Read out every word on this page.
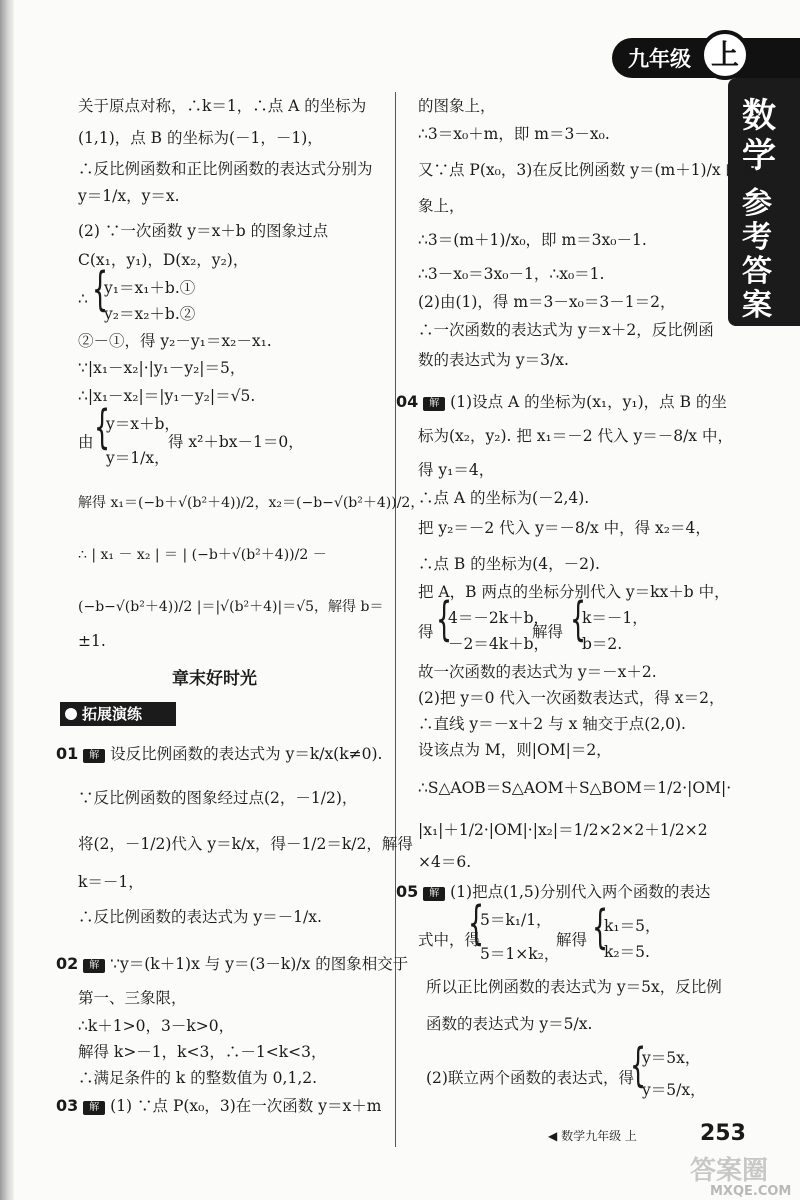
九年级 上
数
学
参
考
答
案
关于原点对称，∴k＝1，∴点 A 的坐标为
(1,1)，点 B 的坐标为(－1，－1)，
∴反比例函数和正比例函数的表达式分别为
y＝1/x，y＝x.
(2) ∵一次函数 y＝x＋b 的图象过点
C(x₁，y₁)，D(x₂，y₂)，
∴ {
y₁＝x₁＋b.①
y₂＝x₂＋b.②
②－①，得 y₂－y₁＝x₂－x₁.
∵|x₁－x₂|·|y₁－y₂|＝5，
∴|x₁－x₂|＝|y₁－y₂|＝√5.
由 {
y＝x＋b，
y＝1/x，
得 x²＋bx－1＝0，
解得 x₁＝(−b＋√(b²＋4))/2，x₂＝(−b−√(b²＋4))/2，
∴ | x₁ － x₂ | ＝ | (−b＋√(b²＋4))/2 －
(−b−√(b²＋4))/2 |＝|√(b²＋4)|＝√5，解得 b＝
±1.
章末好时光
拓展演练
01 解 设反比例函数的表达式为 y＝k/x(k≠0).
∵反比例函数的图象经过点(2，－1/2)，
将(2，－1/2)代入 y＝k/x，得－1/2＝k/2，解得
k＝－1，
∴反比例函数的表达式为 y＝－1/x.
02 解 ∵y＝(k＋1)x 与 y＝(3－k)/x 的图象相交于
第一、三象限，
∴k＋1>0，3－k>0，
解得 k>－1，k<3，∴－1<k<3，
∴满足条件的 k 的整数值为 0,1,2.
03 解 (1) ∵点 P(x₀，3)在一次函数 y＝x＋m
的图象上，
∴3＝x₀＋m，即 m＝3－x₀.
又∵点 P(x₀，3)在反比例函数 y＝(m＋1)/x 的图
象上，
∴3＝(m＋1)/x₀，即 m＝3x₀－1.
∴3－x₀＝3x₀－1，∴x₀＝1.
(2)由(1)，得 m＝3－x₀＝3－1＝2，
∴一次函数的表达式为 y＝x＋2，反比例函
数的表达式为 y＝3/x.
04 解 (1)设点 A 的坐标为(x₁，y₁)，点 B 的坐
标为(x₂，y₂). 把 x₁＝－2 代入 y＝－8/x 中，
得 y₁＝4，
∴点 A 的坐标为(－2,4).
把 y₂＝－2 代入 y＝－8/x 中，得 x₂＝4，
∴点 B 的坐标为(4，－2).
把 A，B 两点的坐标分别代入 y＝kx＋b 中，
得 {
4＝－2k＋b，
－2＝4k＋b，
解得 {
k＝－1，
b＝2.
故一次函数的表达式为 y＝－x＋2.
(2)把 y＝0 代入一次函数表达式，得 x＝2，
∴直线 y＝－x＋2 与 x 轴交于点(2,0).
设该点为 M，则|OM|＝2，
∴S△AOB＝S△AOM＋S△BOM＝1/2·|OM|·
|x₁|＋1/2·|OM|·|x₂|＝1/2×2×2＋1/2×2
×4＝6.
05 解 (1)把点(1,5)分别代入两个函数的表达
式中，得
{
5＝k₁/1，
5＝1×k₂，
解得 {
k₁＝5，
k₂＝5.
所以正比例函数的表达式为 y＝5x，反比例
函数的表达式为 y＝5/x.
(2)联立两个函数的表达式，得
{
y＝5x，
y＝5/x，
◀ 数学九年级 上	253
答案圈
MXQE.COM
